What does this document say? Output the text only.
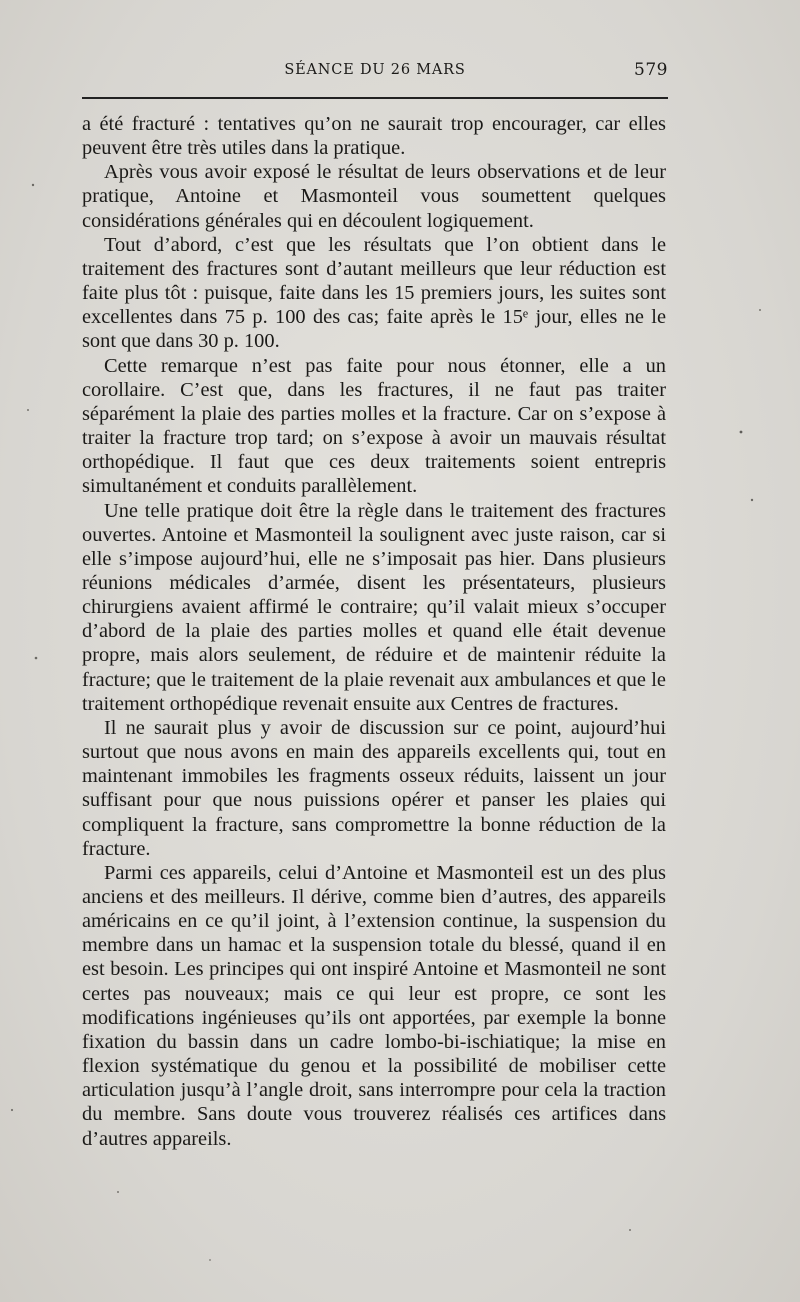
SÉANCE DU 26 MARS	579

a été fracturé : tentatives qu’on ne saurait trop encourager, car elles peuvent être très utiles dans la pratique.

Après vous avoir exposé le résultat de leurs observations et de leur pratique, Antoine et Masmonteil vous soumettent quelques considérations générales qui en découlent logiquement.

Tout d’abord, c’est que les résultats que l’on obtient dans le traitement des fractures sont d’autant meilleurs que leur réduction est faite plus tôt : puisque, faite dans les 15 premiers jours, les suites sont excellentes dans 75 p. 100 des cas; faite après le 15ᵉ jour, elles ne le sont que dans 30 p. 100.

Cette remarque n’est pas faite pour nous étonner, elle a un corollaire. C’est que, dans les fractures, il ne faut pas traiter séparément la plaie des parties molles et la fracture. Car on s’expose à traiter la fracture trop tard; on s’expose à avoir un mauvais résultat orthopédique. Il faut que ces deux traitements soient entrepris simultanément et conduits parallèlement.

Une telle pratique doit être la règle dans le traitement des fractures ouvertes. Antoine et Masmonteil la soulignent avec juste raison, car si elle s’impose aujourd’hui, elle ne s’imposait pas hier. Dans plusieurs réunions médicales d’armée, disent les présentateurs, plusieurs chirurgiens avaient affirmé le contraire; qu’il valait mieux s’occuper d’abord de la plaie des parties molles et quand elle était devenue propre, mais alors seulement, de réduire et de maintenir réduite la fracture; que le traitement de la plaie revenait aux ambulances et que le traitement orthopédique revenait ensuite aux Centres de fractures.

Il ne saurait plus y avoir de discussion sur ce point, aujourd’hui surtout que nous avons en main des appareils excellents qui, tout en maintenant immobiles les fragments osseux réduits, laissent un jour suffisant pour que nous puissions opérer et panser les plaies qui compliquent la fracture, sans compromettre la bonne réduction de la fracture.

Parmi ces appareils, celui d’Antoine et Masmonteil est un des plus anciens et des meilleurs. Il dérive, comme bien d’autres, des appareils américains en ce qu’il joint, à l’extension continue, la suspension du membre dans un hamac et la suspension totale du blessé, quand il en est besoin. Les principes qui ont inspiré Antoine et Masmonteil ne sont certes pas nouveaux; mais ce qui leur est propre, ce sont les modifications ingénieuses qu’ils ont apportées, par exemple la bonne fixation du bassin dans un cadre lombo-bi-ischiatique; la mise en flexion systématique du genou et la possibilité de mobiliser cette articulation jusqu’à l’angle droit, sans interrompre pour cela la traction du membre. Sans doute vous trouverez réalisés ces artifices dans d’autres appareils.
